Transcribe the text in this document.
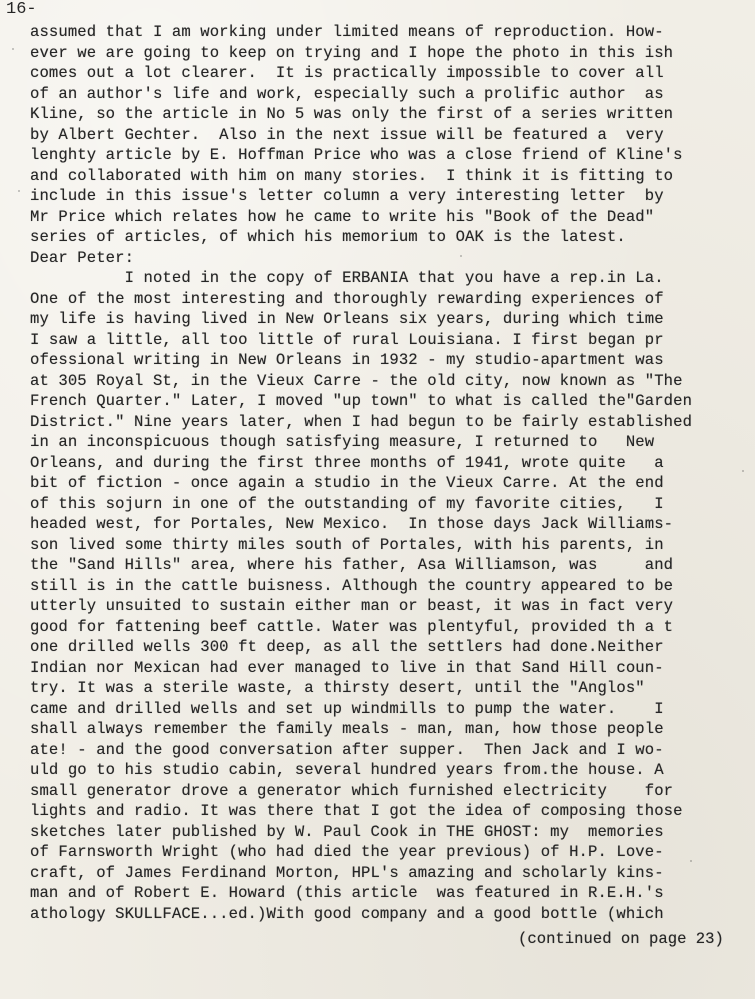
16-
assumed that I am working under limited means of reproduction. How-
ever we are going to keep on trying and I hope the photo in this ish
comes out a lot clearer.  It is practically impossible to cover all
of an author's life and work, especially such a prolific author  as
Kline, so the article in No 5 was only the first of a series written
by Albert Gechter.  Also in the next issue will be featured a  very
lenghty article by E. Hoffman Price who was a close friend of Kline's
and collaborated with him on many stories.  I think it is fitting to
include in this issue's letter column a very interesting letter  by
Mr Price which relates how he came to write his "Book of the Dead"
series of articles, of which his memorium to OAK is the latest.
Dear Peter:
I noted in the copy of ERBANIA that you have a rep.in La.
One of the most interesting and thoroughly rewarding experiences of
my life is having lived in New Orleans six years, during which time
I saw a little, all too little of rural Louisiana. I first began pr
ofessional writing in New Orleans in 1932 - my studio-apartment was
at 305 Royal St, in the Vieux Carre - the old city, now known as "The
French Quarter." Later, I moved "up town" to what is called the"Garden
District." Nine years later, when I had begun to be fairly established
in an inconspicuous though satisfying measure, I returned to   New
Orleans, and during the first three months of 1941, wrote quite   a
bit of fiction - once again a studio in the Vieux Carre. At the end
of this sojurn in one of the outstanding of my favorite cities,   I
headed west, for Portales, New Mexico.  In those days Jack Williams-
son lived some thirty miles south of Portales, with his parents, in
the "Sand Hills" area, where his father, Asa Williamson, was     and
still is in the cattle buisness. Although the country appeared to be
utterly unsuited to sustain either man or beast, it was in fact very
good for fattening beef cattle. Water was plentyful, provided th a t
one drilled wells 300 ft deep, as all the settlers had done.Neither
Indian nor Mexican had ever managed to live in that Sand Hill coun-
try. It was a sterile waste, a thirsty desert, until the "Anglos"
came and drilled wells and set up windmills to pump the water.    I
shall always remember the family meals - man, man, how those people
ate! - and the good conversation after supper.  Then Jack and I wo-
uld go to his studio cabin, several hundred years from.the house. A
small generator drove a generator which furnished electricity    for
lights and radio. It was there that I got the idea of composing those
sketches later published by W. Paul Cook in THE GHOST: my  memories
of Farnsworth Wright (who had died the year previous) of H.P. Love-
craft, of James Ferdinand Morton, HPL's amazing and scholarly kins-
man and of Robert E. Howard (this article  was featured in R.E.H.'s
athology SKULLFACE...ed.)With good company and a good bottle (which
(continued on page 23)
